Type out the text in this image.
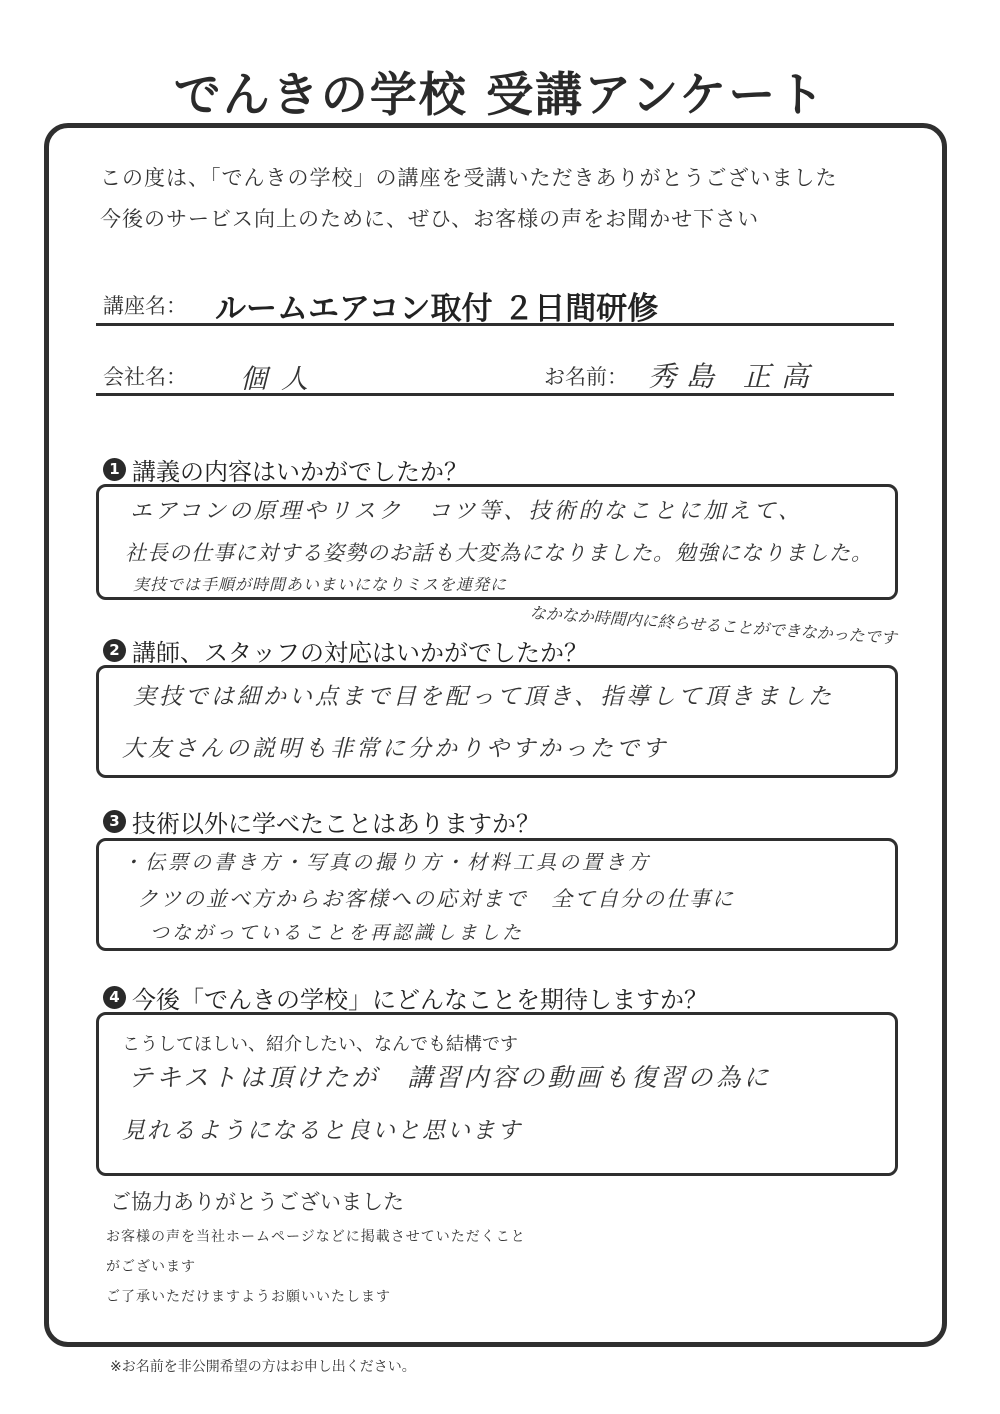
でんきの学校 受講アンケート
この度は、「でんきの学校」の講座を受講いただきありがとうございました
今後のサービス向上のために、ぜひ、お客様の声をお聞かせ下さい
講座名： ルームエアコン取付 ２日間研修
会社名： 個人	お名前： 秀島 正高
1 講義の内容はいかがでしたか？
エアコンの原理やリスク　コツ等、技術的なことに加えて、
社長の仕事に対する姿勢のお話も大変為になりました。勉強になりました。
実技では手順が時間あいまいになりミスを連発に
なかなか時間内に終らせることができなかったです
2 講師、スタッフの対応はいかがでしたか？
実技では細かい点まで目を配って頂き、指導して頂きました
大友さんの説明も非常に分かりやすかったです
3 技術以外に学べたことはありますか？
・伝票の書き方・写真の撮り方・材料工具の置き方
クツの並べ方からお客様への応対まで　全て自分の仕事に
つながっていることを再認識しました
4 今後「でんきの学校」にどんなことを期待しますか？
こうしてほしい、紹介したい、なんでも結構です
テキストは頂けたが　講習内容の動画も復習の為に
見れるようになると良いと思います
ご協力ありがとうございました
お客様の声を当社ホームページなどに掲載させていただくこと
がございます
ご了承いただけますようお願いいたします
※お名前を非公開希望の方はお申し出ください。
